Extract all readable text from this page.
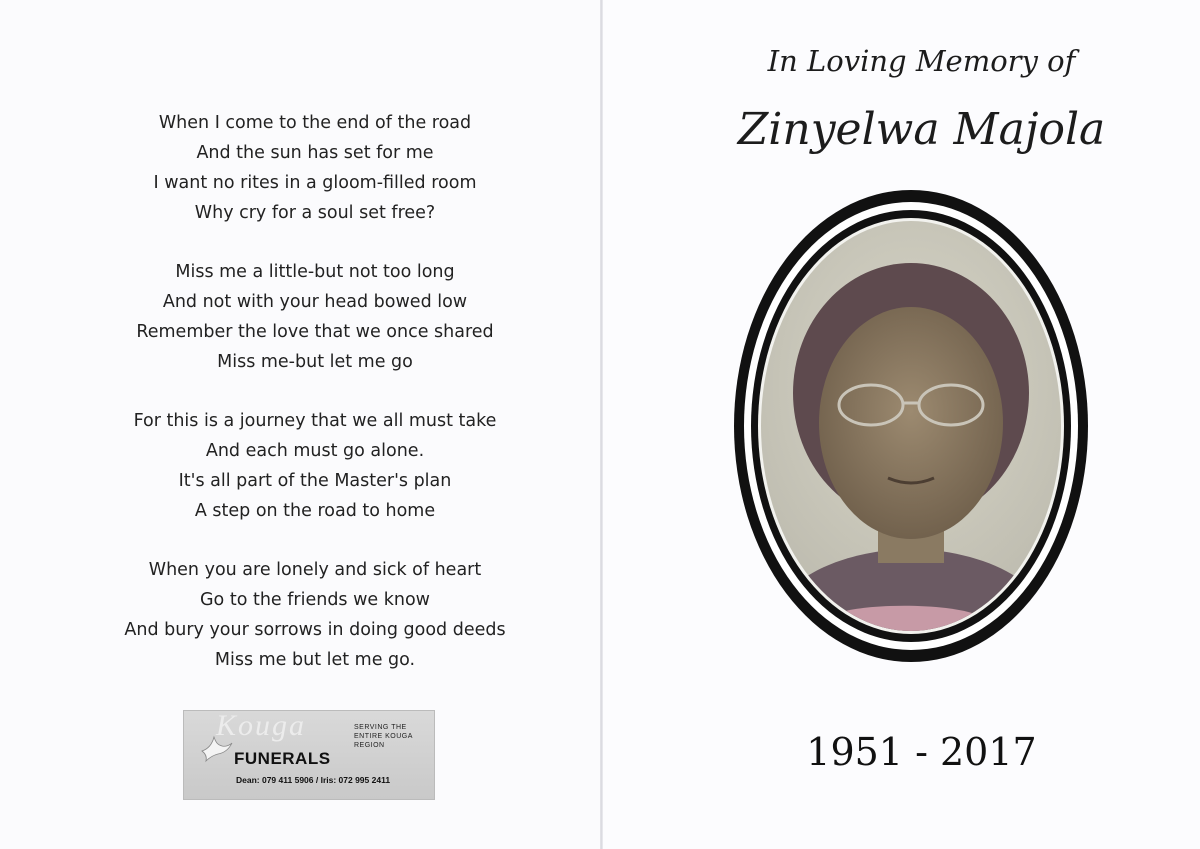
When I come to the end of the road
And the sun has set for me
I want no rites in a gloom-filled room
Why cry for a soul set free?
Miss me a little-but not too long
And not with your head bowed low
Remember the love that we once shared
Miss me-but let me go
For this is a journey that we all must take
And each must go alone.
It's all part of the Master's plan
A step on the road to home
When you are lonely and sick of heart
Go to the friends we know
And bury your sorrows in doing good deeds
Miss me but let me go.
Kouga
FUNERALS
SERVING THE ENTIRE KOUGA REGION
Dean: 079 411 5906 / Iris: 072 995 2411
In Loving Memory of
Zinyelwa Majola
1951 - 2017
